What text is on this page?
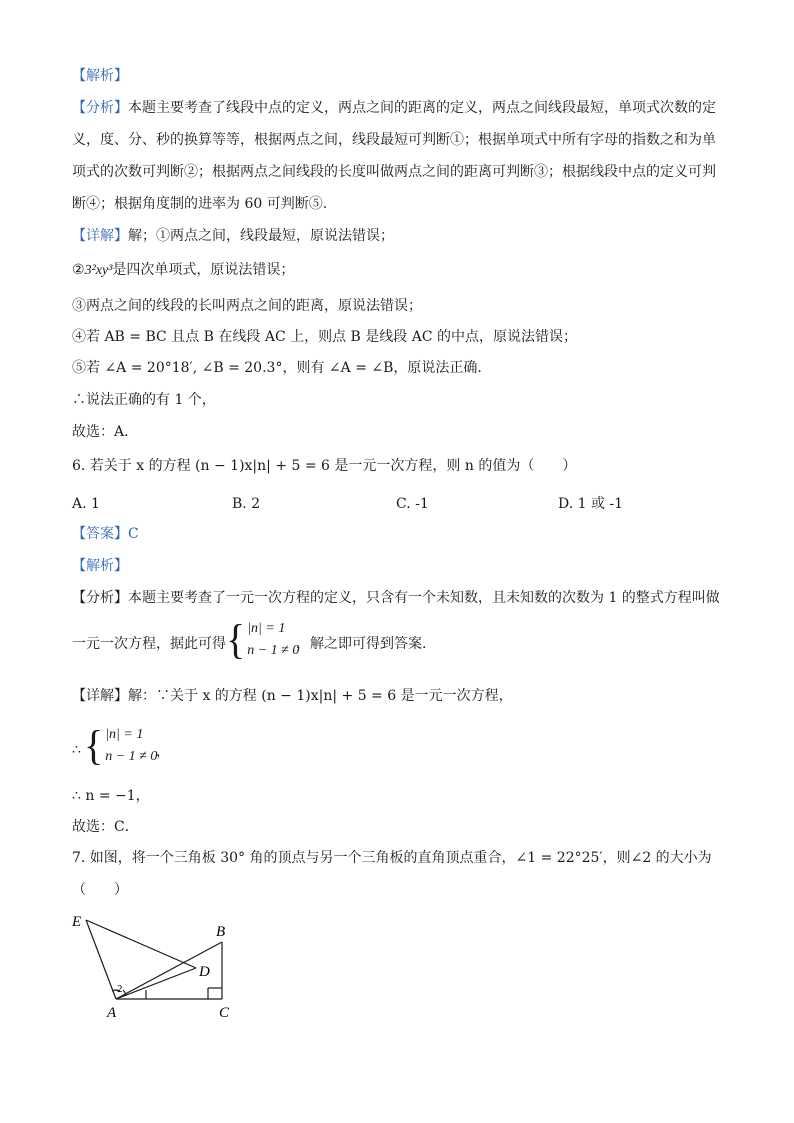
【解析】
【分析】本题主要考查了线段中点的定义，两点之间的距离的定义，两点之间线段最短，单项式次数的定
义，度、分、秒的换算等等，根据两点之间，线段最短可判断①；根据单项式中所有字母的指数之和为单
项式的次数可判断②；根据两点之间线段的长度叫做两点之间的距离可判断③；根据线段中点的定义可判
断④；根据角度制的进率为 60 可判断⑤.
【详解】解；①两点之间，线段最短，原说法错误；
②3²xy³是四次单项式，原说法错误；
③两点之间的线段的长叫两点之间的距离，原说法错误；
④若 AB = BC 且点 B 在线段 AC 上，则点 B 是线段 AC 的中点，原说法错误；
⑤若 ∠A = 20°18′, ∠B = 20.3°，则有 ∠A = ∠B，原说法正确.
∴说法正确的有 1 个，
故选：A．
6. 若关于 x 的方程 (n − 1)x|n| + 5 = 6 是一元一次方程，则 n 的值为（　　）
A. 1	B. 2	C. -1	D. 1 或 -1
【答案】C
【解析】
【分析】本题主要考查了一元一次方程的定义，只含有一个未知数，且未知数的次数为 1 的整式方程叫做
一元一次方程，据此可得 { |n| = 1
n − 1 ≠ 0
，解之即可得到答案.
【详解】解：∵关于 x 的方程 (n − 1)x|n| + 5 = 6 是一元一次方程，
∴ { |n| = 1
n − 1 ≠ 0
，
∴ n = −1，
故选：C．
7. 如图，将一个三角板 30° 角的顶点与另一个三角板的直角顶点重合，∠1 = 22°25′，则∠2 的大小为
（　　）
E
B
D
A	C
2
